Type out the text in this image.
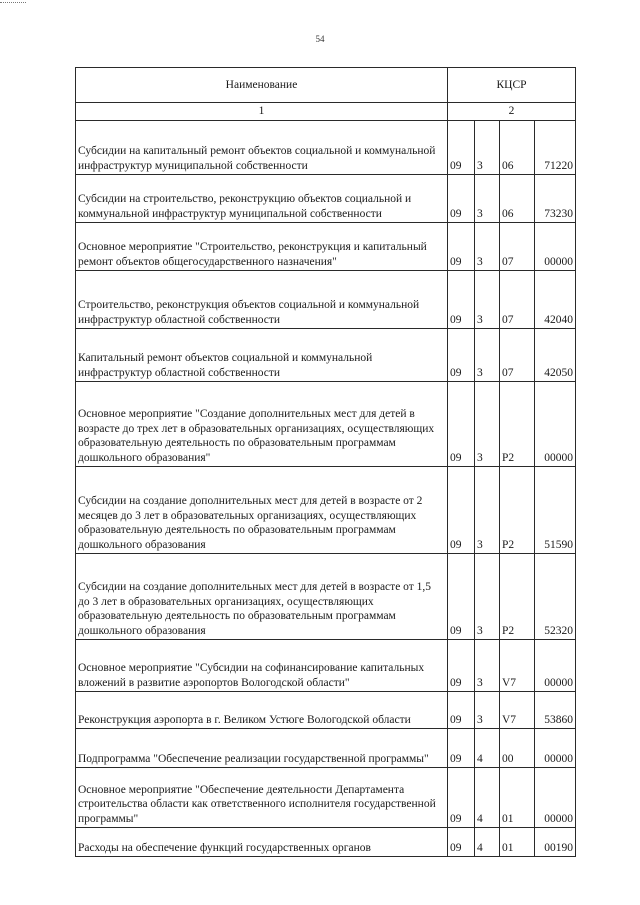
54
Наименование	КЦСР			
1	2			
Субсидии на капитальный ремонт объектов социальной и коммунальной инфраструктур муниципальной собственности	09	3	06	71220
Субсидии на строительство, реконструкцию объектов социальной и коммунальной инфраструктур муниципальной собственности	09	3	06	73230
Основное мероприятие "Строительство, реконструкция и капитальный ремонт объектов общегосударственного назначения"	09	3	07	00000
Строительство, реконструкция объектов социальной и коммунальной инфраструктур областной собственности	09	3	07	42040
Капитальный ремонт объектов социальной и коммунальной инфраструктур областной собственности	09	3	07	42050
Основное мероприятие "Создание дополнительных мест для детей в возрасте до трех лет в образовательных организациях, осуществляющих образовательную деятельность по образовательным программам дошкольного образования"	09	3	P2	00000
Субсидии на создание дополнительных мест для детей в возрасте от 2 месяцев до 3 лет в образовательных организациях, осуществляющих образовательную деятельность по образовательным программам дошкольного образования	09	3	P2	51590
Субсидии на создание дополнительных мест для детей в возрасте от 1,5 до 3 лет в образовательных организациях, осуществляющих образовательную деятельность по образовательным программам дошкольного образования	09	3	P2	52320
Основное мероприятие "Субсидии на софинансирование капитальных вложений в развитие аэропортов Вологодской области"	09	3	V7	00000
Реконструкция аэропорта в г. Великом Устюге Вологодской области	09	3	V7	53860
Подпрограмма "Обеспечение реализации государственной программы"	09	4	00	00000
Основное мероприятие "Обеспечение деятельности Департамента строительства области как ответственного исполнителя государственной программы"	09	4	01	00000
Расходы на обеспечение функций государственных органов	09	4	01	00190
